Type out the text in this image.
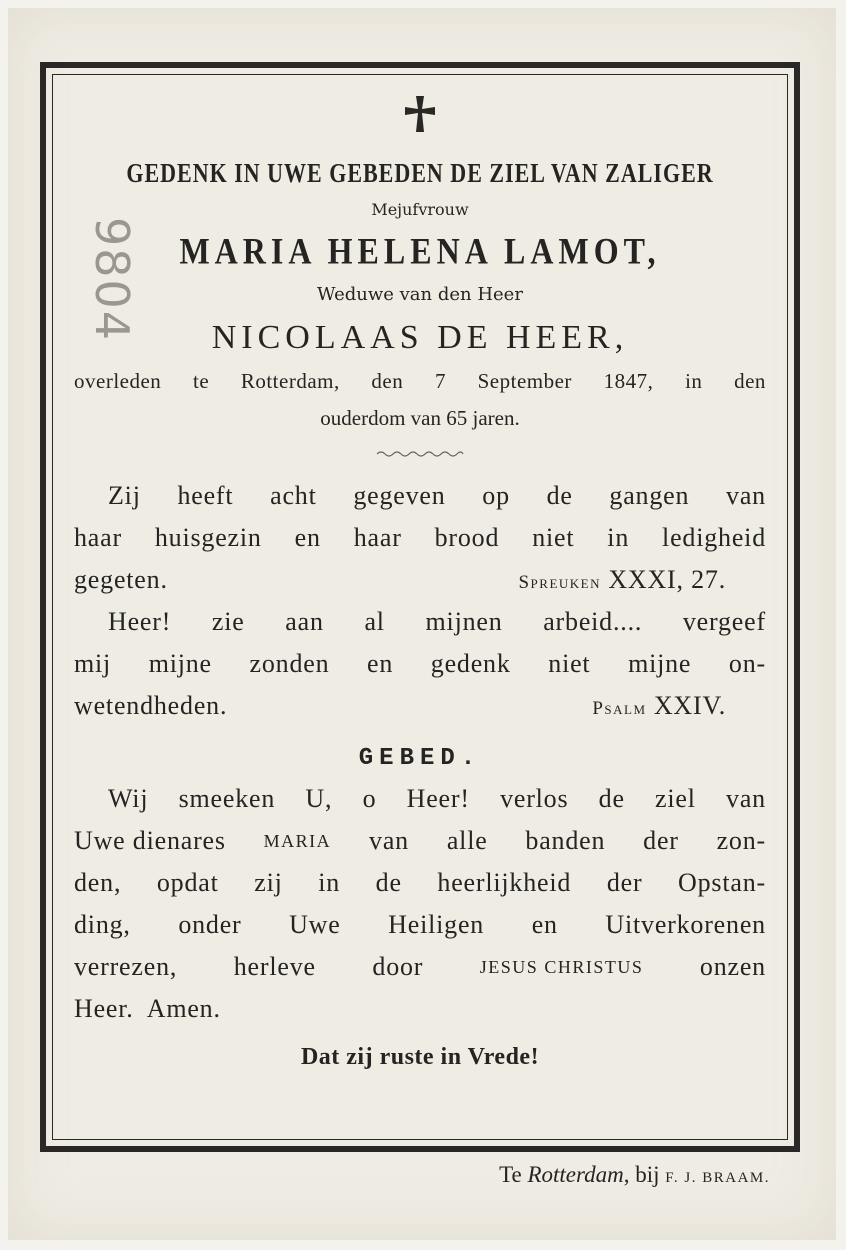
9804
GEDENK IN UWE GEBEDEN DE ZIEL VAN ZALIGER
Mejufvrouw
MARIA HELENA LAMOT,
Weduwe van den Heer
NICOLAAS DE HEER,
overleden te Rotterdam, den 7 September 1847, in den
ouderdom van 65 jaren.
Zij heeft acht gegeven op de gangen van
haar huisgezin en haar brood niet in ledigheid
gegeten.	Spreuken XXXI, 27.
Heer! zie aan al mijnen arbeid.... vergeef
mij mijne zonden en gedenk niet mijne on-
wetendheden.	Psalm XXIV.
GEBED.
Wij smeeken U, o Heer! verlos de ziel van
Uwe dienares MARIA van alle banden der zon-
den, opdat zij in de heerlijkheid der Opstan-
ding, onder Uwe Heiligen en Uitverkorenen
verrezen, herleve door	JESUS CHRISTUS onzen
Heer.  Amen.
Dat zij ruste in Vrede!
Te Rotterdam, bij F. J. BRAAM.
